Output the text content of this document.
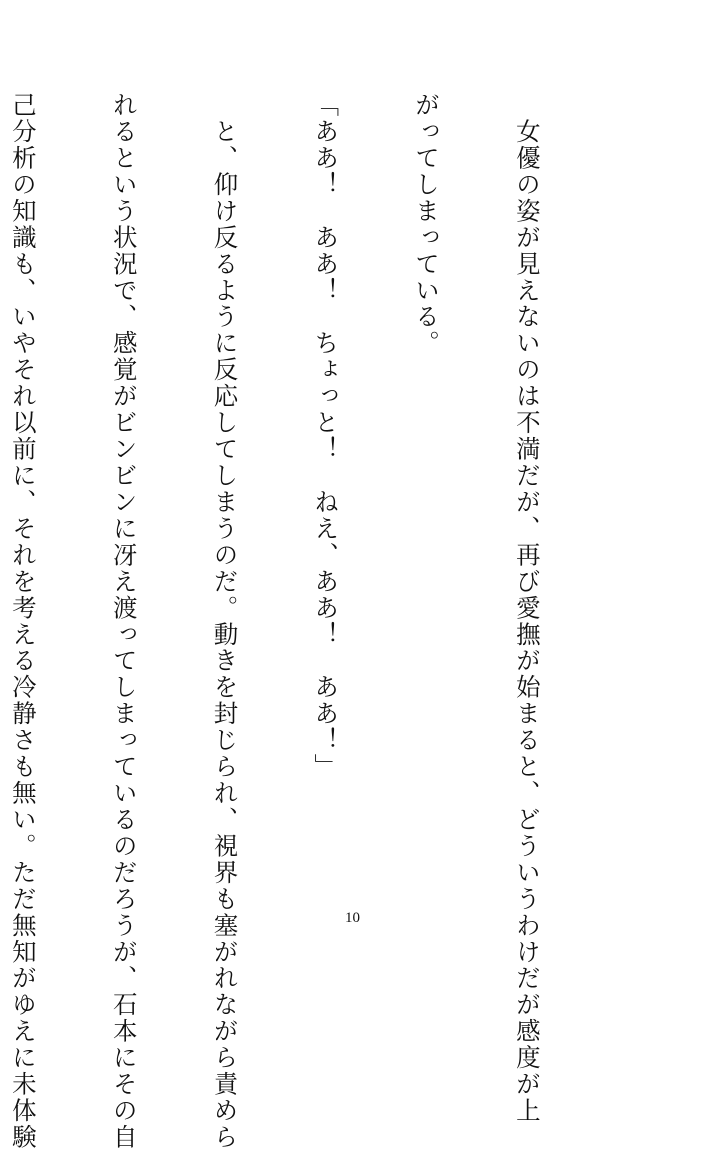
　女優の姿が見えないのは不満だが、再び愛撫が始まると、どういうわけだが感度が上

がってしまっている。

「ああ！　ああ！　ちょっと！　ねえ、ああ！　ああ！」

　と、仰け反るように反応してしまうのだ。動きを封じられ、視界も塞がれながら責めら

れるという状況で、感覚がビンビンに冴え渡ってしまっているのだろうが、石本にその自

己分析の知識も、いやそれ以前に、それを考える冷静さも無い。ただ無知がゆえに未体験

	10
